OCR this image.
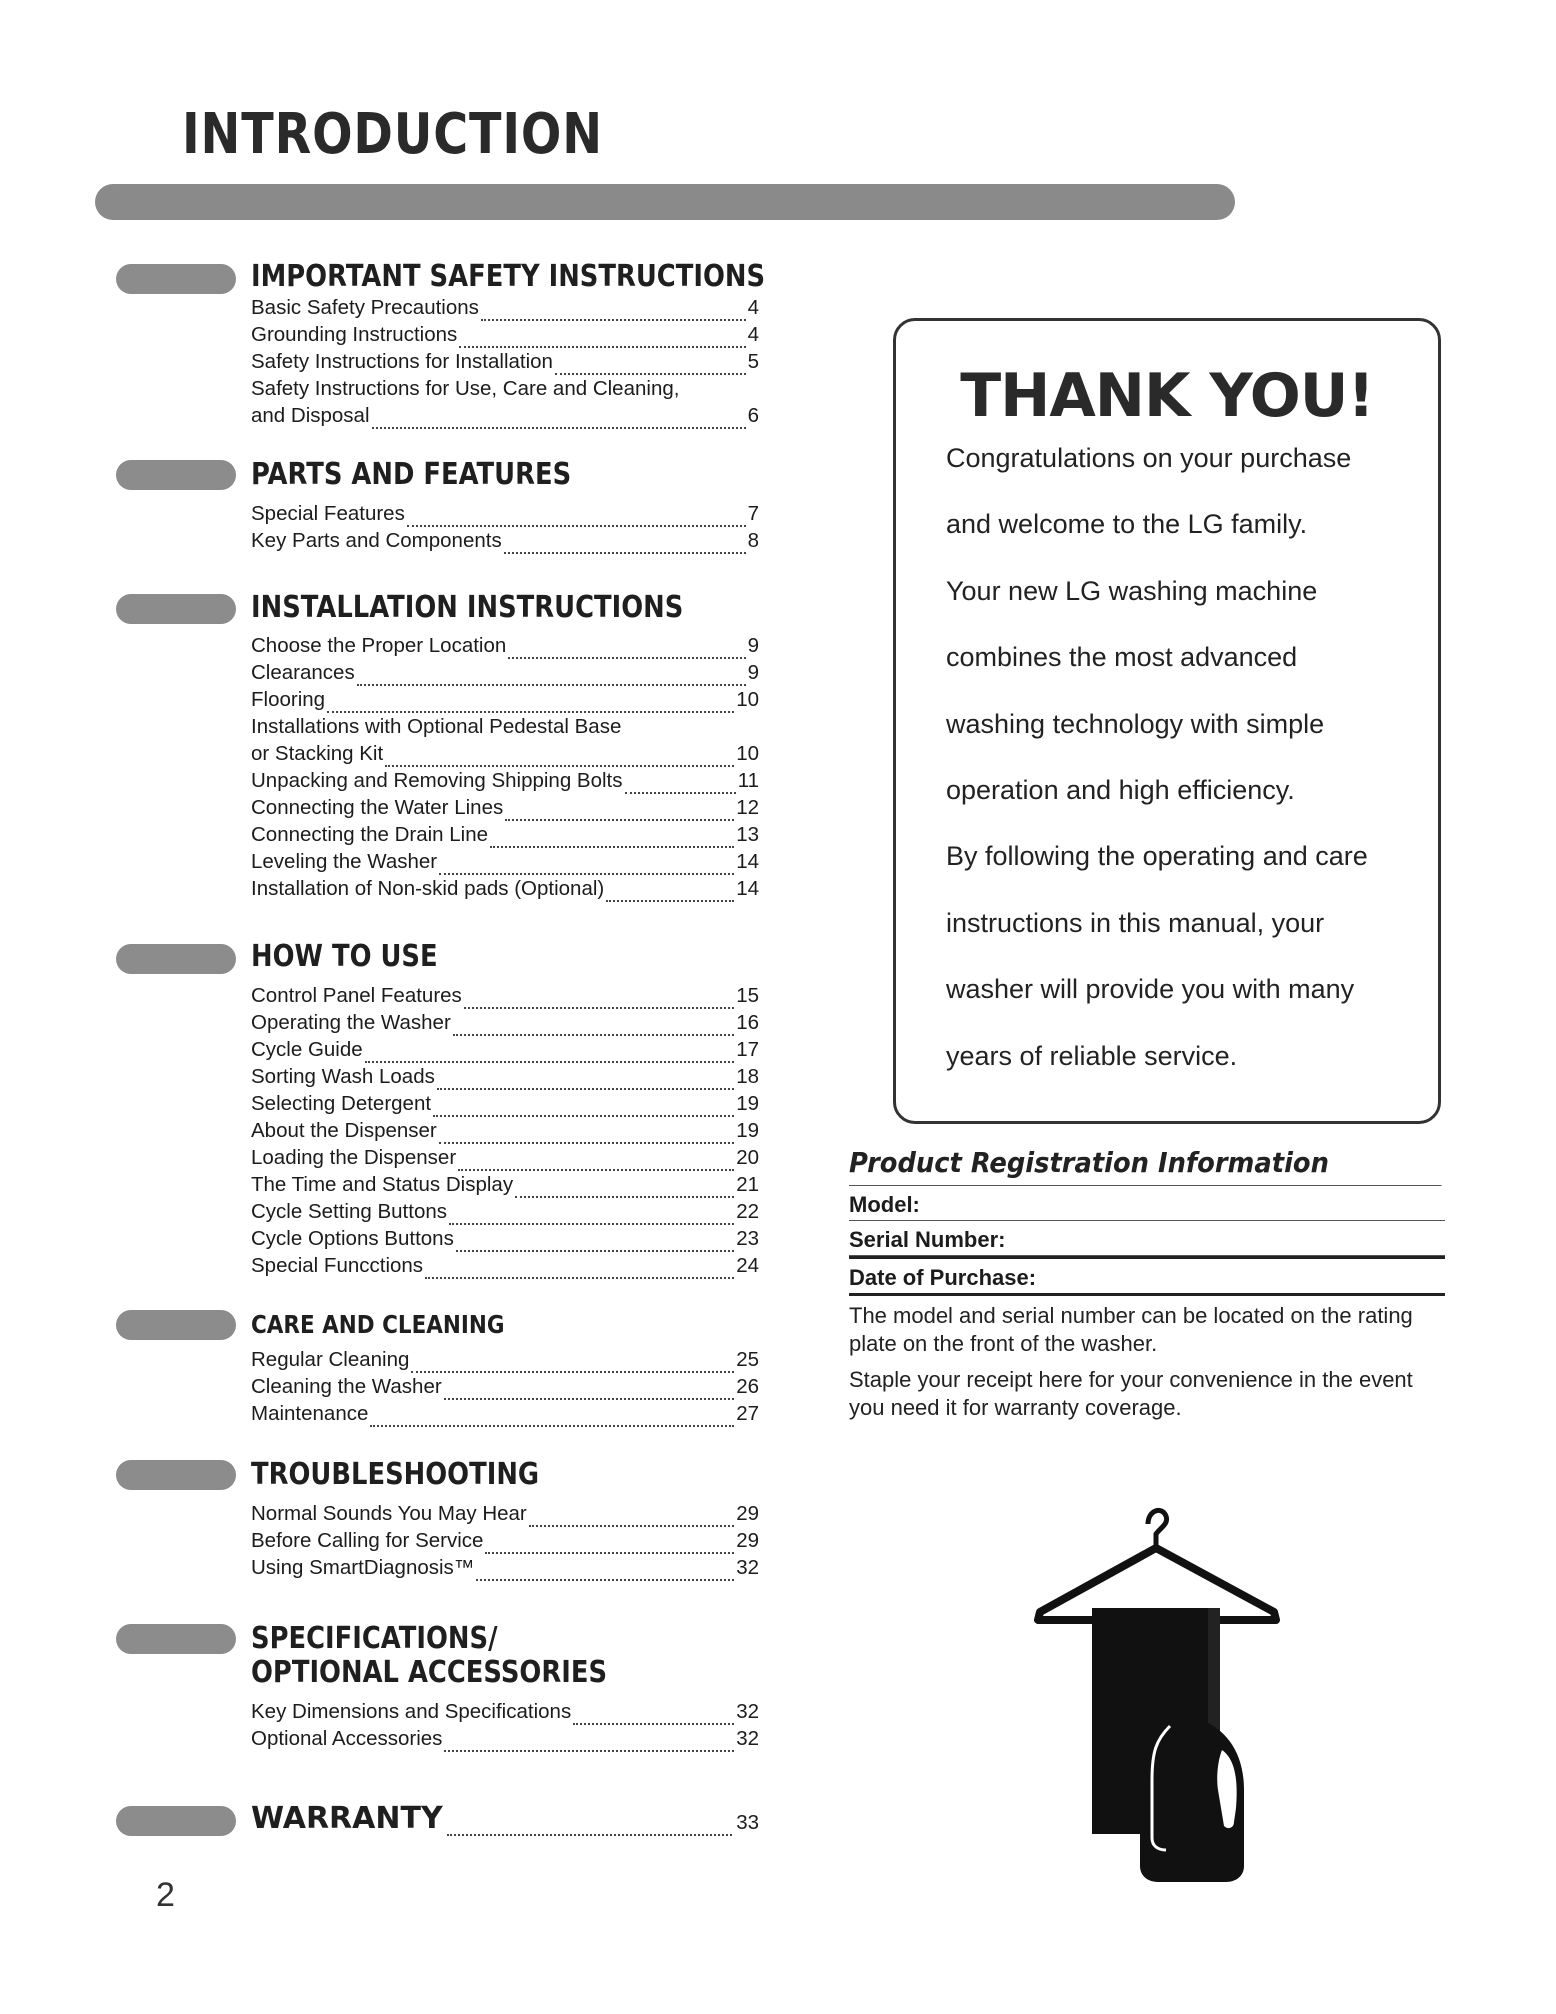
INTRODUCTION
IMPORTANT SAFETY INSTRUCTIONS
Basic Safety Precautions	4
Grounding Instructions	4
Safety Instructions for Installation	5
Safety Instructions for Use, Care and Cleaning,
and Disposal	6
PARTS AND FEATURES
Special Features	7
Key Parts and Components	8
INSTALLATION INSTRUCTIONS
Choose the Proper Location	9
Clearances	9
Flooring	10
Installations with Optional Pedestal Base
or Stacking Kit	10
Unpacking and Removing Shipping Bolts	11
Connecting the Water Lines	12
Connecting the Drain Line	13
Leveling the Washer	14
Installation of Non-skid pads (Optional)	14
HOW TO USE
Control Panel Features	15
Operating the Washer	16
Cycle Guide	17
Sorting Wash Loads	18
Selecting Detergent	19
About the Dispenser	19
Loading the Dispenser	20
The Time and Status Display	21
Cycle Setting Buttons	22
Cycle Options Buttons	23
Special Funcctions	24
CARE AND CLEANING
Regular Cleaning	25
Cleaning the Washer	26
Maintenance	27
TROUBLESHOOTING
Normal Sounds You May Hear	29
Before Calling for Service	29
Using SmartDiagnosis™	32
SPECIFICATIONS/
OPTIONAL ACCESSORIES
Key Dimensions and Specifications	32
Optional Accessories	32
WARRANTY	33
THANK YOU!
Congratulations on your purchase
and welcome to the LG family.
Your new LG washing machine
combines the most advanced
washing technology with simple
operation and high efficiency.
By following the operating and care
instructions in this manual, your
washer will provide you with many
years of reliable service.
Product Registration Information
Model:
Serial Number:
Date of Purchase:
The model and serial number can be located on the rating plate on the front of the washer.
Staple your receipt here for your convenience in the event you need it for warranty coverage.
2
